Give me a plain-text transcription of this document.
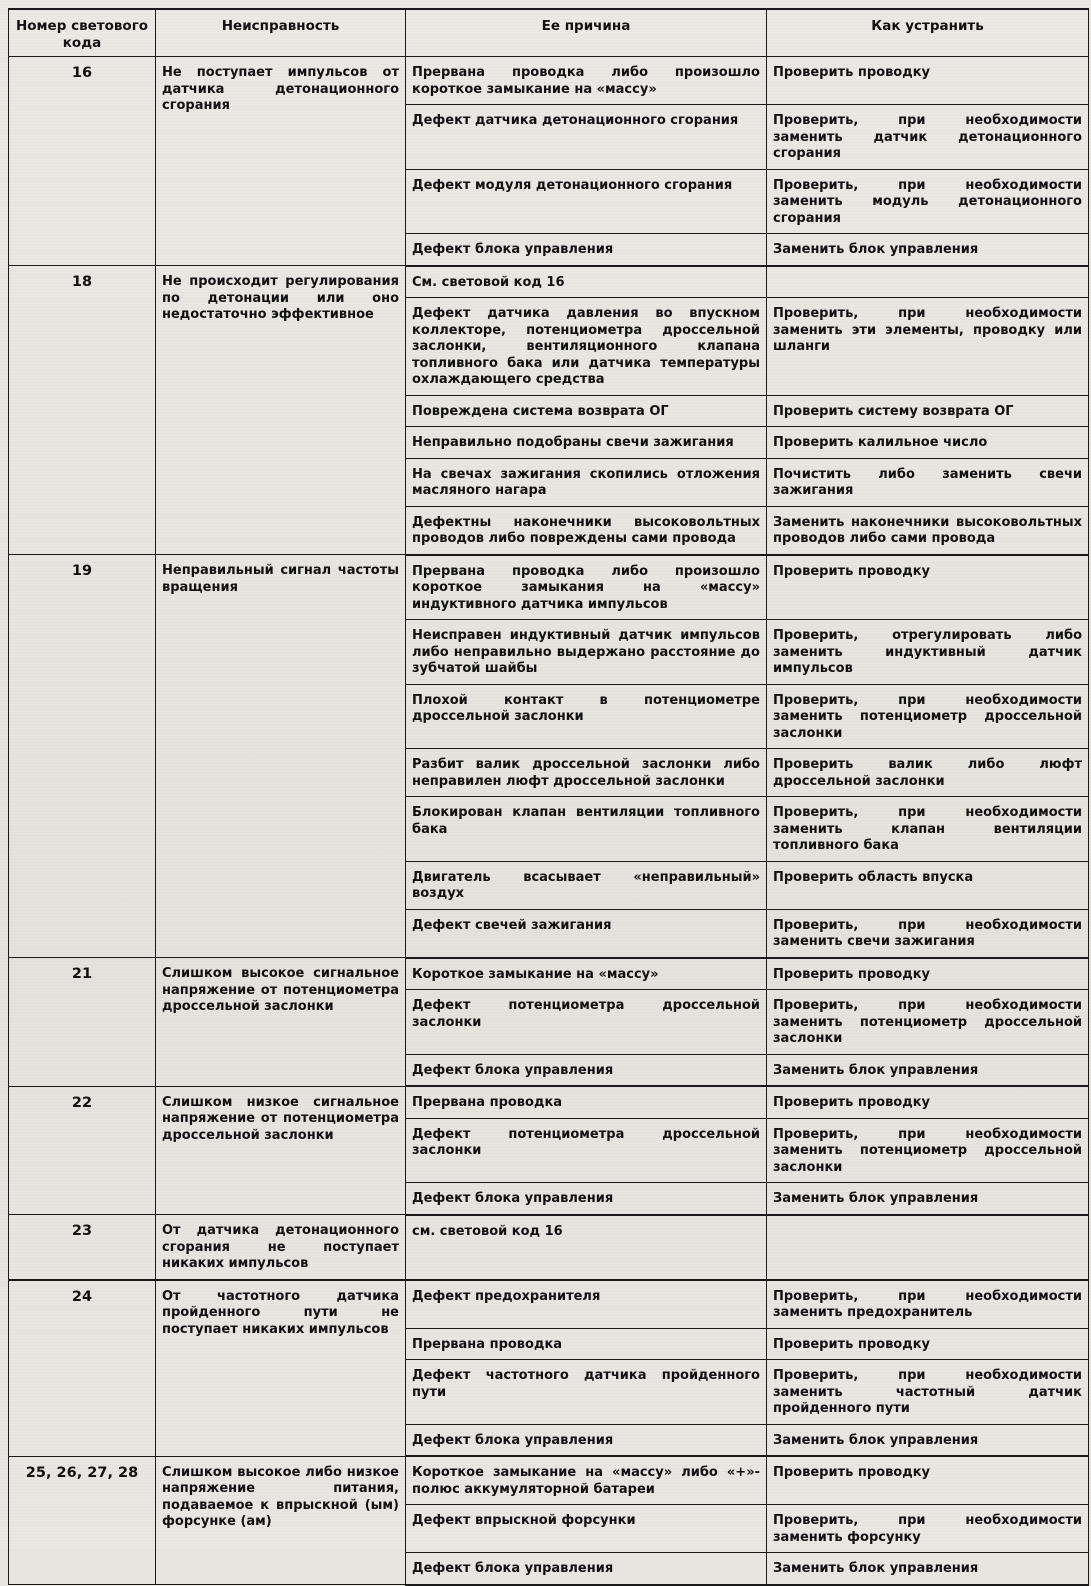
Номер светового кода	Неисправность	Ее причина	Как устранить
16	Не поступает импульсов от датчика детонационного сгорания	Прервана проводка либо произошло короткое замыкание на «массу»	Проверить проводку
		Дефект датчика детонационного сгорания	Проверить, при необходимости заменить датчик детонационного сгорания
		Дефект модуля детонационного сгорания	Проверить, при необходимости заменить модуль детонационного сгорания
		Дефект блока управления	Заменить блок управления
18	Не происходит регулирования по детонации или оно недостаточно эффективное	См. световой код 16	
		Дефект датчика давления во впускном коллекторе, потенциометра дроссельной заслонки, вентиляционного клапана топливного бака или датчика температуры охлаждающего средства	Проверить, при необходимости заменить эти элементы, проводку или шланги
		Повреждена система возврата ОГ	Проверить систему возврата ОГ
		Неправильно подобраны свечи зажигания	Проверить калильное число
		На свечах зажигания скопились отложения масляного нагара	Почистить либо заменить свечи зажигания
		Дефектны наконечники высоковольтных проводов либо повреждены сами провода	Заменить наконечники высоковольтных проводов либо сами провода
19	Неправильный сигнал частоты вращения	Прервана проводка либо произошло короткое замыкания на «массу» индуктивного датчика импульсов	Проверить проводку
		Неисправен индуктивный датчик импульсов либо неправильно выдержано расстояние до зубчатой шайбы	Проверить, отрегулировать либо заменить индуктивный датчик импульсов
		Плохой контакт в потенциометре дроссельной заслонки	Проверить, при необходимости заменить потенциометр дроссельной заслонки
		Разбит валик дроссельной заслонки либо неправилен люфт дроссельной заслонки	Проверить валик либо люфт дроссельной заслонки
		Блокирован клапан вентиляции топливного бака	Проверить, при необходимости заменить клапан вентиляции топливного бака
		Двигатель всасывает «неправильный» воздух	Проверить область впуска
		Дефект свечей зажигания	Проверить, при необходимости заменить свечи зажигания
21	Слишком высокое сигнальное напряжение от потенциометра дроссельной заслонки	Короткое замыкание на «массу»	Проверить проводку
		Дефект потенциометра дроссельной заслонки	Проверить, при необходимости заменить потенциометр дроссельной заслонки
		Дефект блока управления	Заменить блок управления
22	Слишком низкое сигнальное напряжение от потенциометра дроссельной заслонки	Прервана проводка	Проверить проводку
		Дефект потенциометра дроссельной заслонки	Проверить, при необходимости заменить потенциометр дроссельной заслонки
		Дефект блока управления	Заменить блок управления
23	От датчика детонационного сгорания не поступает никаких импульсов	см. световой код 16	
24	От частотного датчика пройденного пути не поступает никаких импульсов	Дефект предохранителя	Проверить, при необходимости заменить предохранитель
		Прервана проводка	Проверить проводку
		Дефект частотного датчика пройденного пути	Проверить, при необходимости заменить частотный датчик пройденного пути
		Дефект блока управления	Заменить блок управления
25, 26, 27, 28	Слишком высокое либо низкое напряжение питания, подаваемое к впрыскной (ым) форсунке (ам)	Короткое замыкание на «массу» либо «+»-полюс аккумуляторной батареи	Проверить проводку
		Дефект впрыскной форсунки	Проверить, при необходимости заменить форсунку
		Дефект блока управления	Заменить блок управления
